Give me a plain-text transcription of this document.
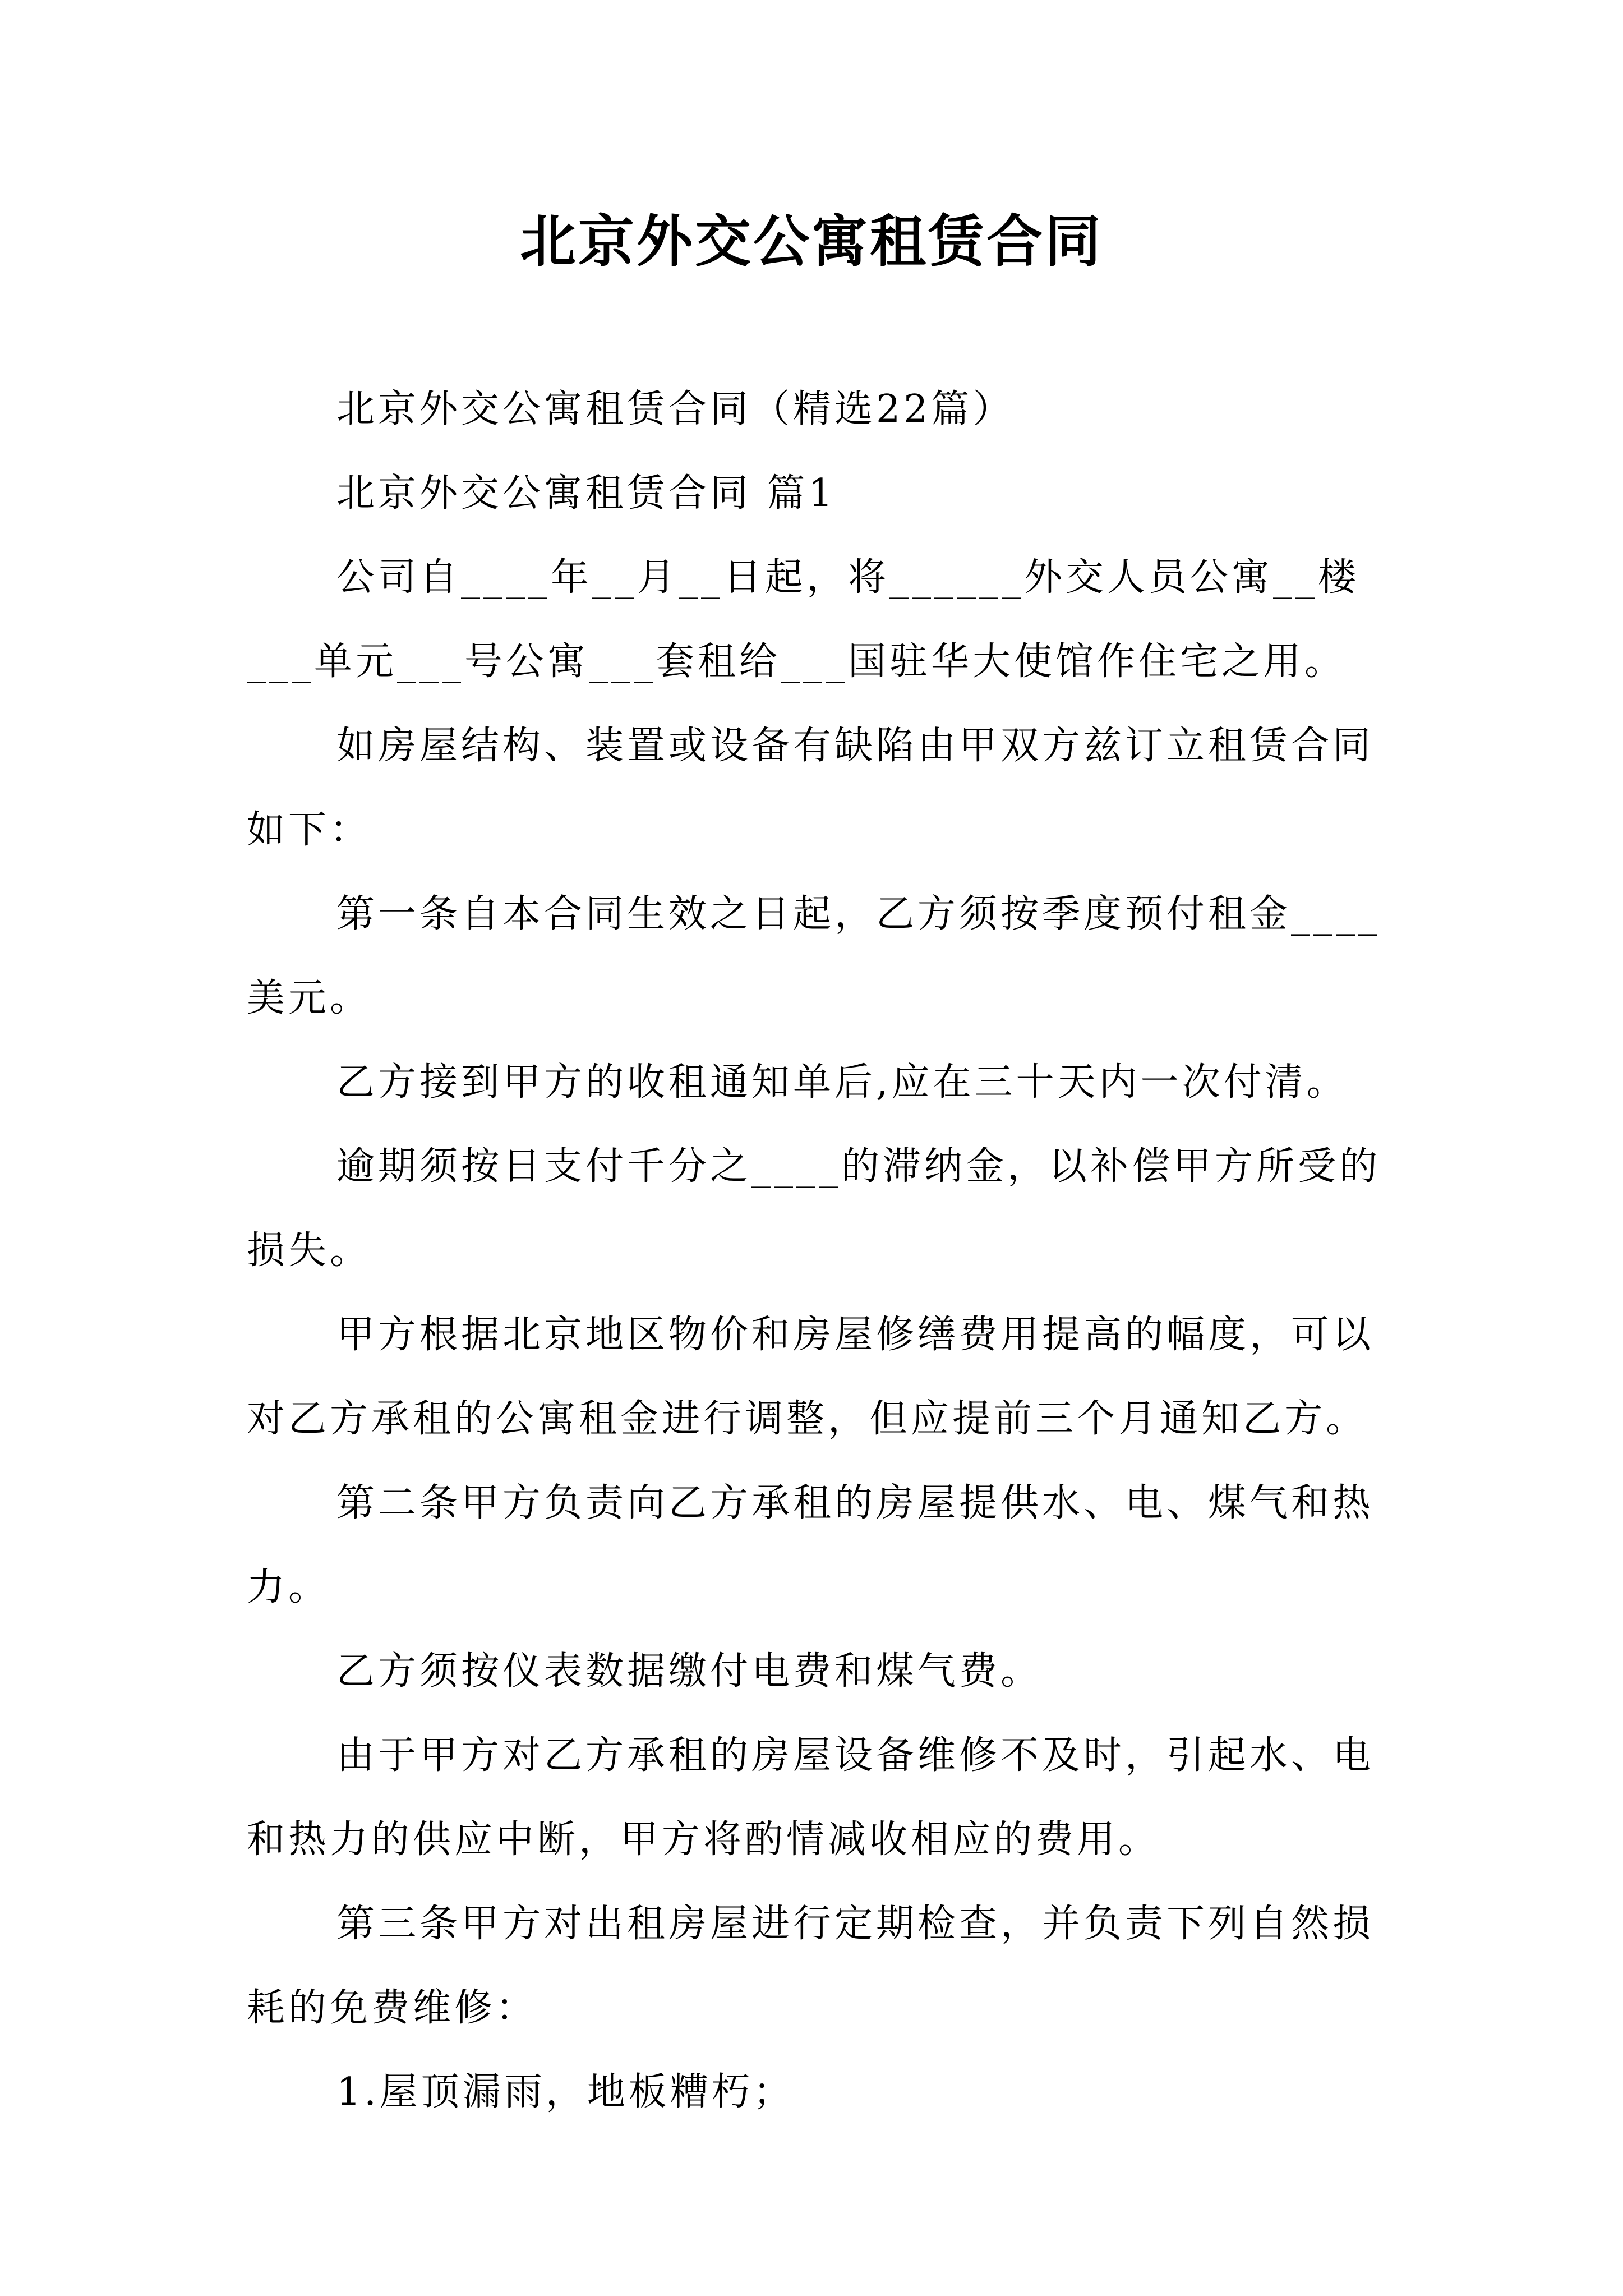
北京外交公寓租赁合同

北京外交公寓租赁合同（精选22篇）

北京外交公寓租赁合同 篇1

公司自____年__月__日起，将______外交人员公寓__楼___单元___号公寓___套租给___国驻华大使馆作住宅之用。

如房屋结构、装置或设备有缺陷由甲双方兹订立租赁合同如下：

第一条自本合同生效之日起，乙方须按季度预付租金____美元。

乙方接到甲方的收租通知单后,应在三十天内一次付清。

逾期须按日支付千分之____的滞纳金，以补偿甲方所受的损失。

甲方根据北京地区物价和房屋修缮费用提高的幅度，可以对乙方承租的公寓租金进行调整，但应提前三个月通知乙方。

第二条甲方负责向乙方承租的房屋提供水、电、煤气和热力。

乙方须按仪表数据缴付电费和煤气费。

由于甲方对乙方承租的房屋设备维修不及时，引起水、电和热力的供应中断，甲方将酌情减收相应的费用。

第三条甲方对出租房屋进行定期检查，并负责下列自然损耗的免费维修：

1.屋顶漏雨，地板糟朽；
